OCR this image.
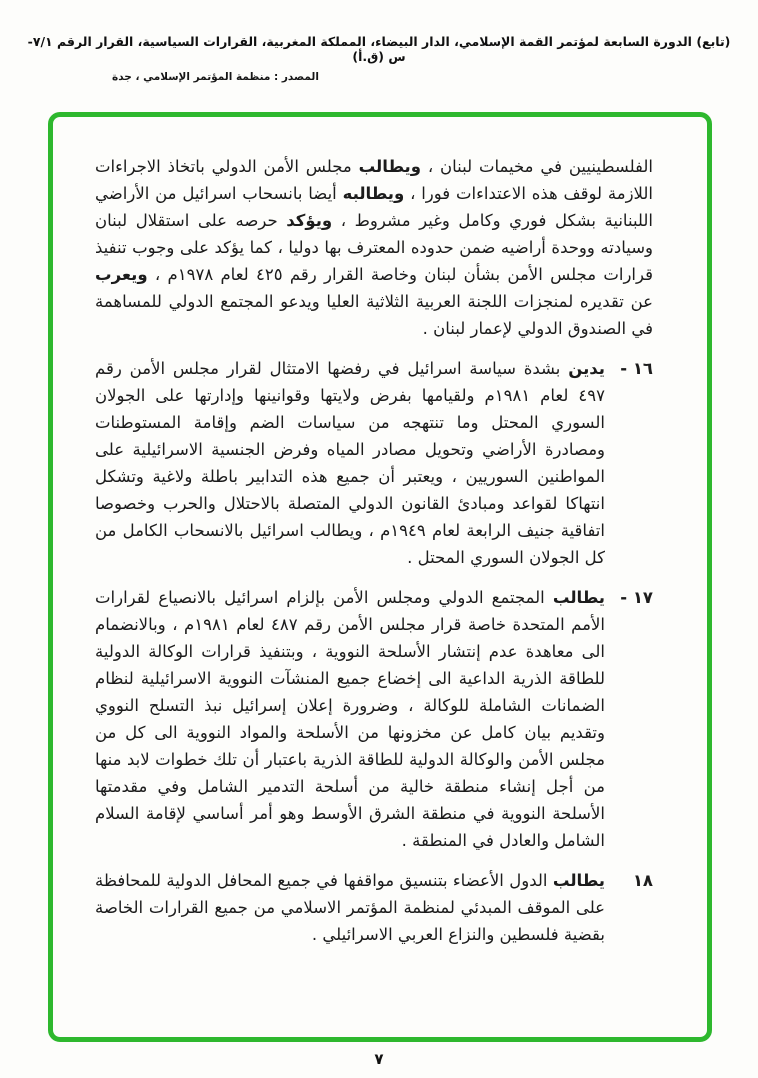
(تابع) الدورة السابعة لمؤتمر القمة الإسلامي، الدار البيضاء، المملكة المغربية، القرارات السياسية، القرار الرقم ٧/١-س (ق.أ)
المصدر : منظمة المؤتمر الإسلامي ، جدة

الفلسطينيين في مخيمات لبنان ، ويطالب مجلس الأمن الدولي باتخاذ الاجراءات اللازمة لوقف هذه الاعتداءات فورا ، ويطالبه أيضا بانسحاب اسرائيل من الأراضي اللبنانية بشكل فوري وكامل وغير مشروط ، ويؤكد حرصه على استقلال لبنان وسيادته ووحدة أراضيه ضمن حدوده المعترف بها دوليا ، كما يؤكد على وجوب تنفيذ قرارات مجلس الأمن بشأن لبنان وخاصة القرار رقم ٤٢٥ لعام ١٩٧٨م ، ويعرب عن تقديره لمنجزات اللجنة العربية الثلاثية العليا ويدعو المجتمع الدولي للمساهمة في الصندوق الدولي لإعمار لبنان .

١٦ -

يدين بشدة سياسة اسرائيل في رفضها الامتثال لقرار مجلس الأمن رقم ٤٩٧ لعام ١٩٨١م ولقيامها بفرض ولايتها وقوانينها وإدارتها على الجولان السوري المحتل وما تنتهجه من سياسات الضم وإقامة المستوطنات ومصادرة الأراضي وتحويل مصادر المياه وفرض الجنسية الاسرائيلية على المواطنين السوريين ، ويعتبر أن جميع هذه التدابير باطلة ولاغية وتشكل انتهاكا لقواعد ومبادئ القانون الدولي المتصلة بالاحتلال والحرب وخصوصا اتفاقية جنيف الرابعة لعام ١٩٤٩م ، ويطالب اسرائيل بالانسحاب الكامل من كل الجولان السوري المحتل .

١٧ -

يطالب المجتمع الدولي ومجلس الأمن بإلزام اسرائيل بالانصياع لقرارات الأمم المتحدة خاصة قرار مجلس الأمن رقم ٤٨٧ لعام ١٩٨١م ، وبالانضمام الى معاهدة عدم إنتشار الأسلحة النووية ، وبتنفيذ قرارات الوكالة الدولية للطاقة الذرية الداعية الى إخضاع جميع المنشآت النووية الاسرائيلية لنظام الضمانات الشاملة للوكالة ، وضرورة إعلان إسرائيل نبذ التسلح النووي وتقديم بيان كامل عن مخزونها من الأسلحة والمواد النووية الى كل من مجلس الأمن والوكالة الدولية للطاقة الذرية باعتبار أن تلك خطوات لابد منها من أجل إنشاء منطقة خالية من أسلحة التدمير الشامل وفي مقدمتها الأسلحة النووية في منطقة الشرق الأوسط وهو أمر أساسي لإقامة السلام الشامل والعادل في المنطقة .

١٨

يطالب الدول الأعضاء بتنسيق مواقفها في جميع المحافل الدولية للمحافظة على الموقف المبدئي لمنظمة المؤتمر الاسلامي من جميع القرارات الخاصة بقضية فلسطين والنزاع العربي الاسرائيلي .

٧
